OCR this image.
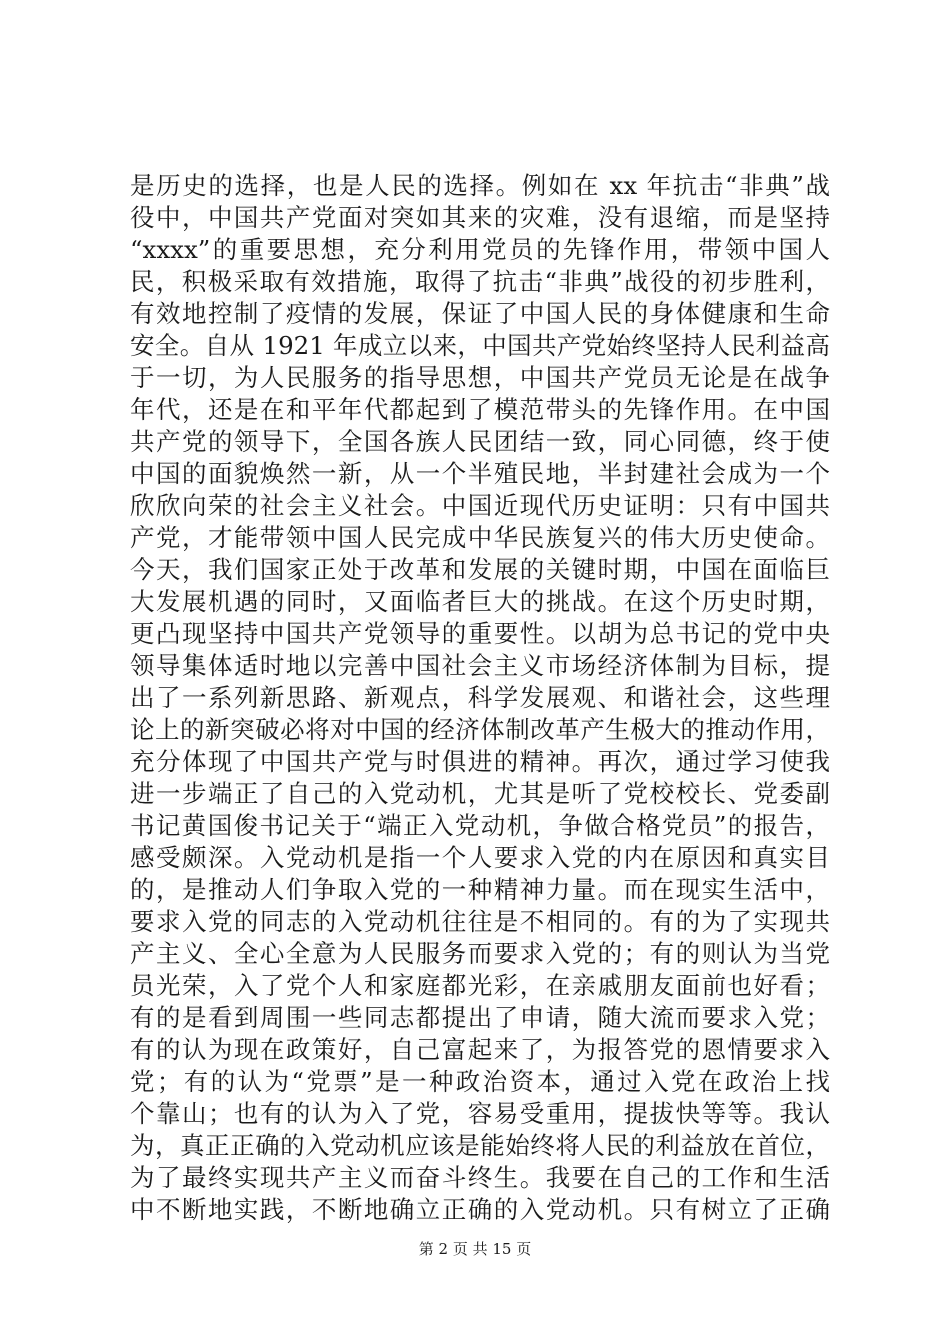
是历史的选择，也是人民的选择。例如在 xx 年抗击“非典”战
役中，中国共产党面对突如其来的灾难，没有退缩，而是坚持
“xxxx”的重要思想，充分利用党员的先锋作用，带领中国人
民，积极采取有效措施，取得了抗击“非典”战役的初步胜利，
有效地控制了疫情的发展，保证了中国人民的身体健康和生命
安全。自从 1921 年成立以来，中国共产党始终坚持人民利益高
于一切，为人民服务的指导思想，中国共产党员无论是在战争
年代，还是在和平年代都起到了模范带头的先锋作用。在中国
共产党的领导下，全国各族人民团结一致，同心同德，终于使
中国的面貌焕然一新，从一个半殖民地，半封建社会成为一个
欣欣向荣的社会主义社会。中国近现代历史证明：只有中国共
产党，才能带领中国人民完成中华民族复兴的伟大历史使命。
今天，我们国家正处于改革和发展的关键时期，中国在面临巨
大发展机遇的同时，又面临者巨大的挑战。在这个历史时期，
更凸现坚持中国共产党领导的重要性。以胡为总书记的党中央
领导集体适时地以完善中国社会主义市场经济体制为目标，提
出了一系列新思路、新观点，科学发展观、和谐社会，这些理
论上的新突破必将对中国的经济体制改革产生极大的推动作用，
充分体现了中国共产党与时俱进的精神。再次，通过学习使我
进一步端正了自己的入党动机，尤其是听了党校校长、党委副
书记黄国俊书记关于“端正入党动机，争做合格党员”的报告，
感受颇深。入党动机是指一个人要求入党的内在原因和真实目
的，是推动人们争取入党的一种精神力量。而在现实生活中，
要求入党的同志的入党动机往往是不相同的。有的为了实现共
产主义、全心全意为人民服务而要求入党的；有的则认为当党
员光荣，入了党个人和家庭都光彩，在亲戚朋友面前也好看；
有的是看到周围一些同志都提出了申请，随大流而要求入党；
有的认为现在政策好，自己富起来了，为报答党的恩情要求入
党；有的认为“党票”是一种政治资本，通过入党在政治上找
个靠山；也有的认为入了党，容易受重用，提拔快等等。我认
为，真正正确的入党动机应该是能始终将人民的利益放在首位，
为了最终实现共产主义而奋斗终生。我要在自己的工作和生活
中不断地实践，不断地确立正确的入党动机。只有树立了正确
第 2 页 共 15 页
